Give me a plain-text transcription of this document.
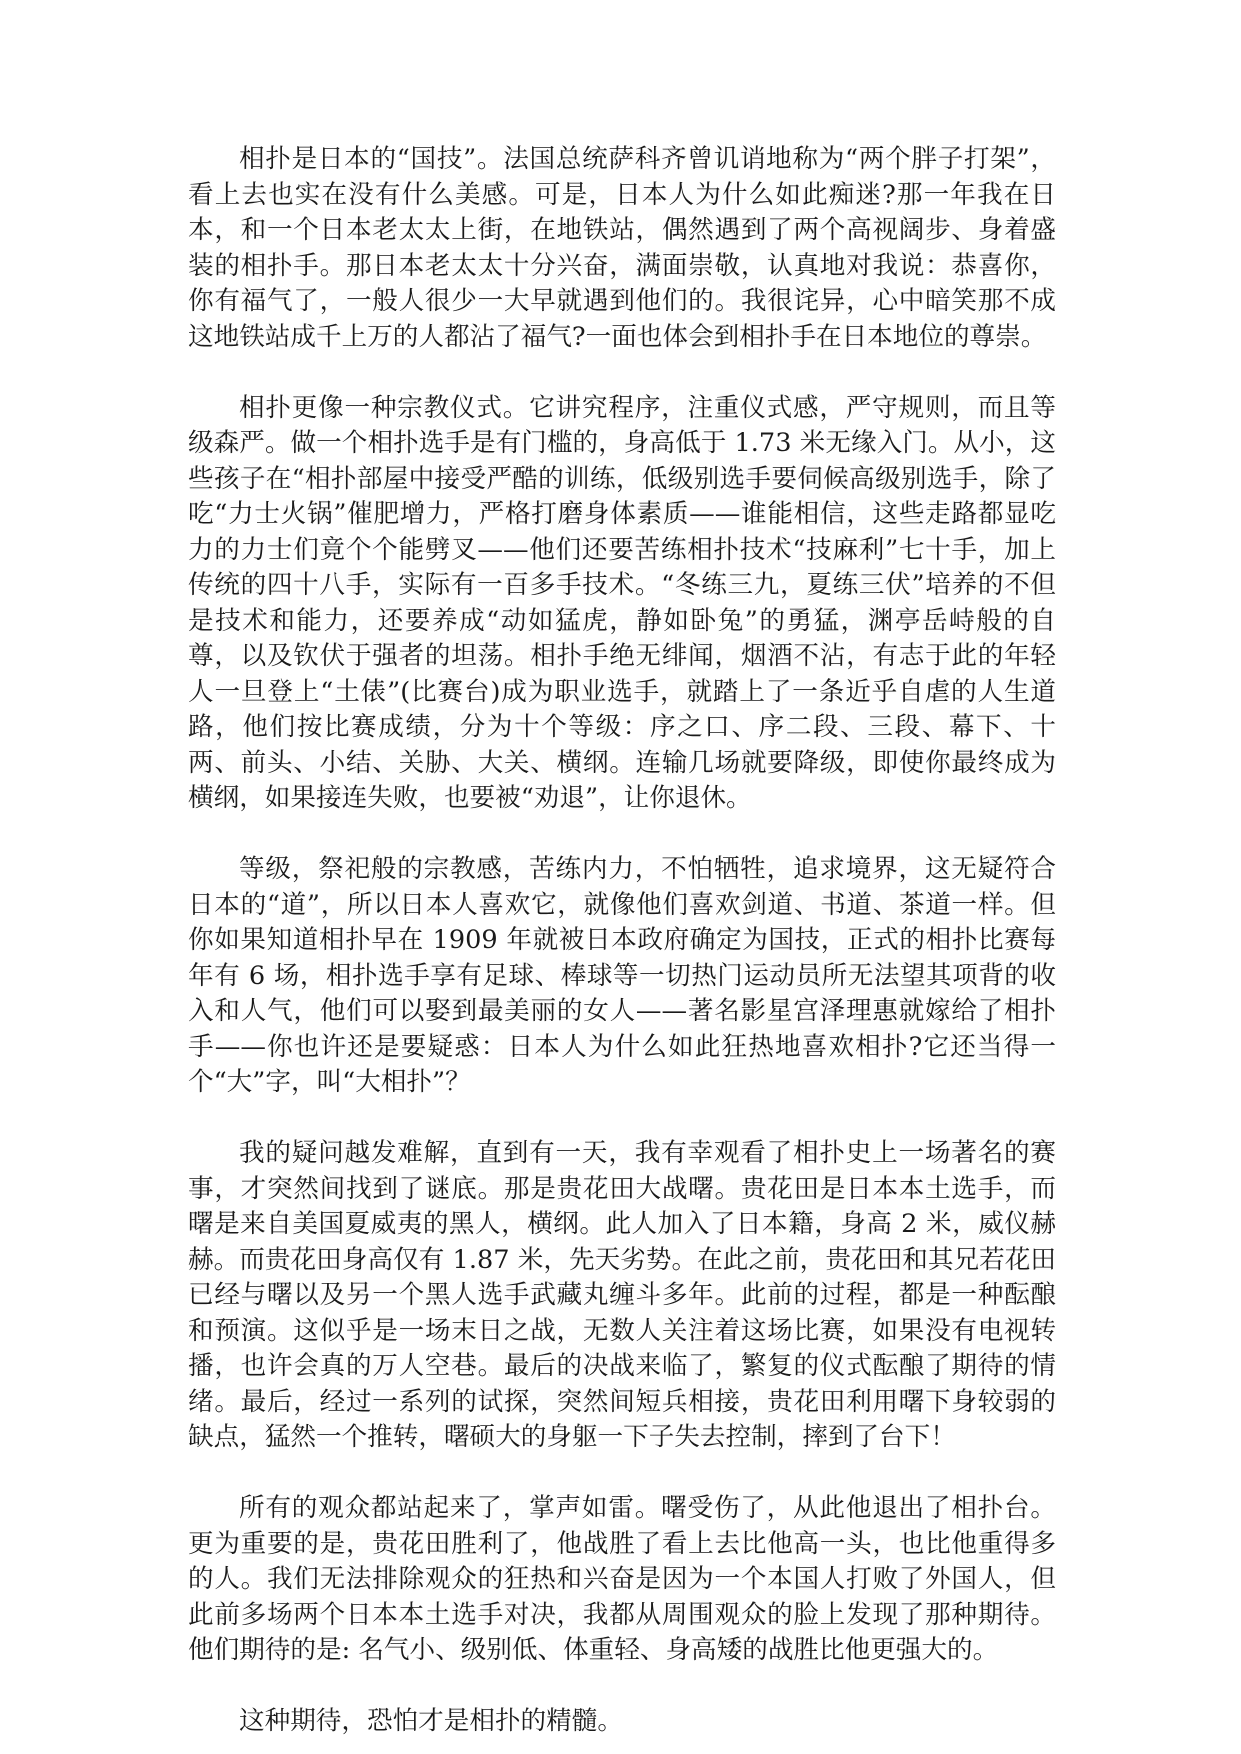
相扑是日本的“国技”。法国总统萨科齐曾讥诮地称为“两个胖子打架”，看上去也实在没有什么美感。可是，日本人为什么如此痴迷?那一年我在日本，和一个日本老太太上街，在地铁站，偶然遇到了两个高视阔步、身着盛装的相扑手。那日本老太太十分兴奋，满面崇敬，认真地对我说：恭喜你，你有福气了，一般人很少一大早就遇到他们的。我很诧异，心中暗笑那不成这地铁站成千上万的人都沾了福气?一面也体会到相扑手在日本地位的尊崇。

相扑更像一种宗教仪式。它讲究程序，注重仪式感，严守规则，而且等级森严。做一个相扑选手是有门槛的，身高低于 1.73 米无缘入门。从小，这些孩子在“相扑部屋中接受严酷的训练，低级别选手要伺候高级别选手，除了吃“力士火锅”催肥增力，严格打磨身体素质——谁能相信，这些走路都显吃力的力士们竟个个能劈叉——他们还要苦练相扑技术“技麻利”七十手，加上传统的四十八手，实际有一百多手技术。“冬练三九，夏练三伏”培养的不但是技术和能力，还要养成“动如猛虎，静如卧兔”的勇猛，渊亭岳峙般的自尊，以及钦伏于强者的坦荡。相扑手绝无绯闻，烟酒不沾，有志于此的年轻人一旦登上“土俵”(比赛台)成为职业选手，就踏上了一条近乎自虐的人生道路，他们按比赛成绩，分为十个等级：序之口、序二段、三段、幕下、十两、前头、小结、关胁、大关、横纲。连输几场就要降级，即使你最终成为横纲，如果接连失败，也要被“劝退”，让你退休。

等级，祭祀般的宗教感，苦练内力，不怕牺牲，追求境界，这无疑符合日本的“道”，所以日本人喜欢它，就像他们喜欢剑道、书道、茶道一样。但你如果知道相扑早在 1909 年就被日本政府确定为国技，正式的相扑比赛每年有 6 场，相扑选手享有足球、棒球等一切热门运动员所无法望其项背的收入和人气，他们可以娶到最美丽的女人——著名影星宫泽理惠就嫁给了相扑手——你也许还是要疑惑：日本人为什么如此狂热地喜欢相扑?它还当得一个“大”字，叫“大相扑”？

我的疑问越发难解，直到有一天，我有幸观看了相扑史上一场著名的赛事，才突然间找到了谜底。那是贵花田大战曙。贵花田是日本本土选手，而曙是来自美国夏威夷的黑人，横纲。此人加入了日本籍，身高 2 米，威仪赫赫。而贵花田身高仅有 1.87 米，先天劣势。在此之前，贵花田和其兄若花田已经与曙以及另一个黑人选手武藏丸缠斗多年。此前的过程，都是一种酝酿和预演。这似乎是一场末日之战，无数人关注着这场比赛，如果没有电视转播，也许会真的万人空巷。最后的决战来临了，繁复的仪式酝酿了期待的情绪。最后，经过一系列的试探，突然间短兵相接，贵花田利用曙下身较弱的缺点，猛然一个推转，曙硕大的身躯一下子失去控制，摔到了台下！

所有的观众都站起来了，掌声如雷。曙受伤了，从此他退出了相扑台。更为重要的是，贵花田胜利了，他战胜了看上去比他高一头，也比他重得多的人。我们无法排除观众的狂热和兴奋是因为一个本国人打败了外国人，但此前多场两个日本本土选手对决，我都从周围观众的脸上发现了那种期待。他们期待的是: 名气小、级别低、体重轻、身高矮的战胜比他更强大的。

这种期待，恐怕才是相扑的精髓。
